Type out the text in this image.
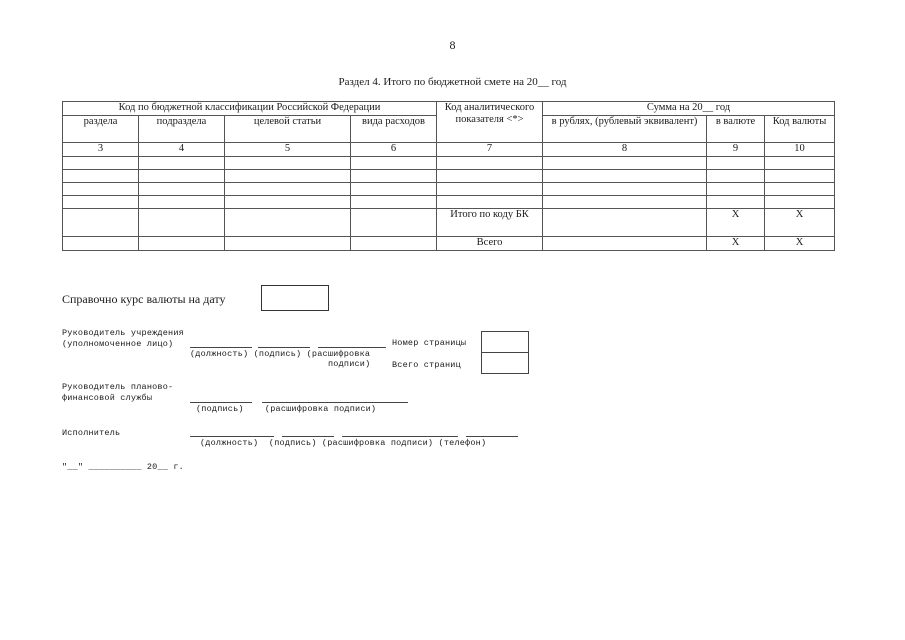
8
Раздел 4. Итого по бюджетной смете на 20__ год
Код по бюджетной классификации Российской Федерации				Код аналитического показателя <*>	Сумма на 20__ год		
раздела	подраздела	целевой статьи	вида расходов		в рублях, (рублевый эквивалент)	в валюте	Код валюты
3	4	5	6	7	8	9	10

				Итого по коду БК		X	X
				Всего		X	X
Справочно курс валюты на дату
Руководитель учреждения
(уполномоченное лицо)
(должность) (подпись) (расшифровка
подписи)
Номер страницы
Всего страниц
Руководитель планово-
финансовой службы
(подпись)    (расшифровка подписи)
Исполнитель
(должность)  (подпись) (расшифровка подписи) (телефон)
"__" __________ 20__ г.
